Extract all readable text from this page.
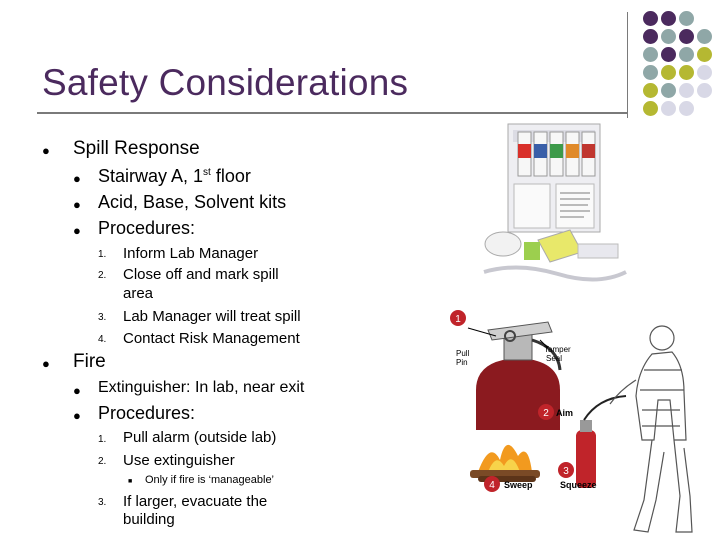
Safety Considerations
● Spill Response
● Stairway A, 1st floor
● Acid, Base, Solvent kits
● Procedures:
1. Inform Lab Manager
2. Close off and mark spill
area
3. Lab Manager will treat spill
4. Contact Risk Management
● Fire
● Extinguisher: In lab, near exit
● Procedures:
1. Pull alarm (outside lab)
2. Use extinguisher
■ Only if fire is ‘manageable’
3. If larger, evacuate the
building
1
Pull
Pin
Tamper
Seal
2 Aim
3
Squeeze
4 Sweep
